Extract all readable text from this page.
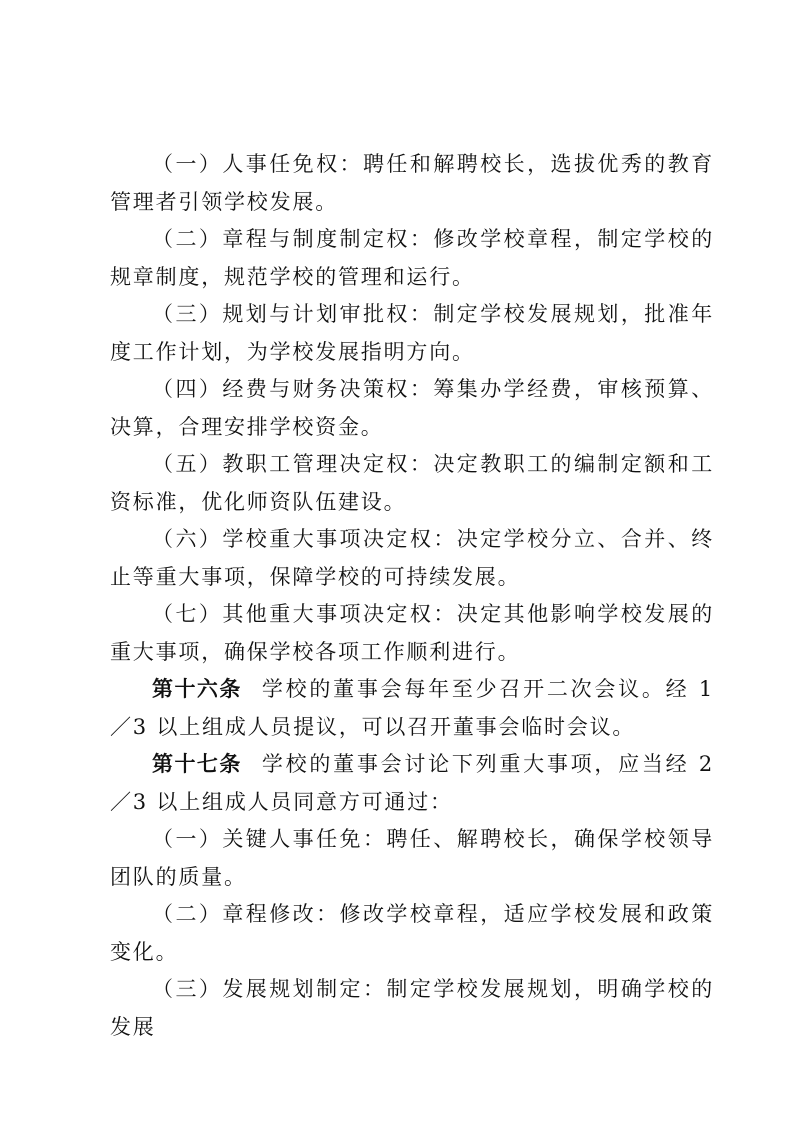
（一）人事任免权：聘任和解聘校长，选拔优秀的教育管理者引领学校发展。

（二）章程与制度制定权：修改学校章程，制定学校的规章制度，规范学校的管理和运行。

（三）规划与计划审批权：制定学校发展规划，批准年度工作计划，为学校发展指明方向。

（四）经费与财务决策权：筹集办学经费，审核预算、决算，合理安排学校资金。

（五）教职工管理决定权：决定教职工的编制定额和工资标准，优化师资队伍建设。

（六）学校重大事项决定权：决定学校分立、合并、终止等重大事项，保障学校的可持续发展。

（七）其他重大事项决定权：决定其他影响学校发展的重大事项，确保学校各项工作顺利进行。

第十六条 学校的董事会每年至少召开二次会议。经 1／3 以上组成人员提议，可以召开董事会临时会议。

第十七条 学校的董事会讨论下列重大事项，应当经 2／3 以上组成人员同意方可通过：

（一）关键人事任免：聘任、解聘校长，确保学校领导团队的质量。

（二）章程修改：修改学校章程，适应学校发展和政策变化。

（三）发展规划制定：制定学校发展规划，明确学校的发展
